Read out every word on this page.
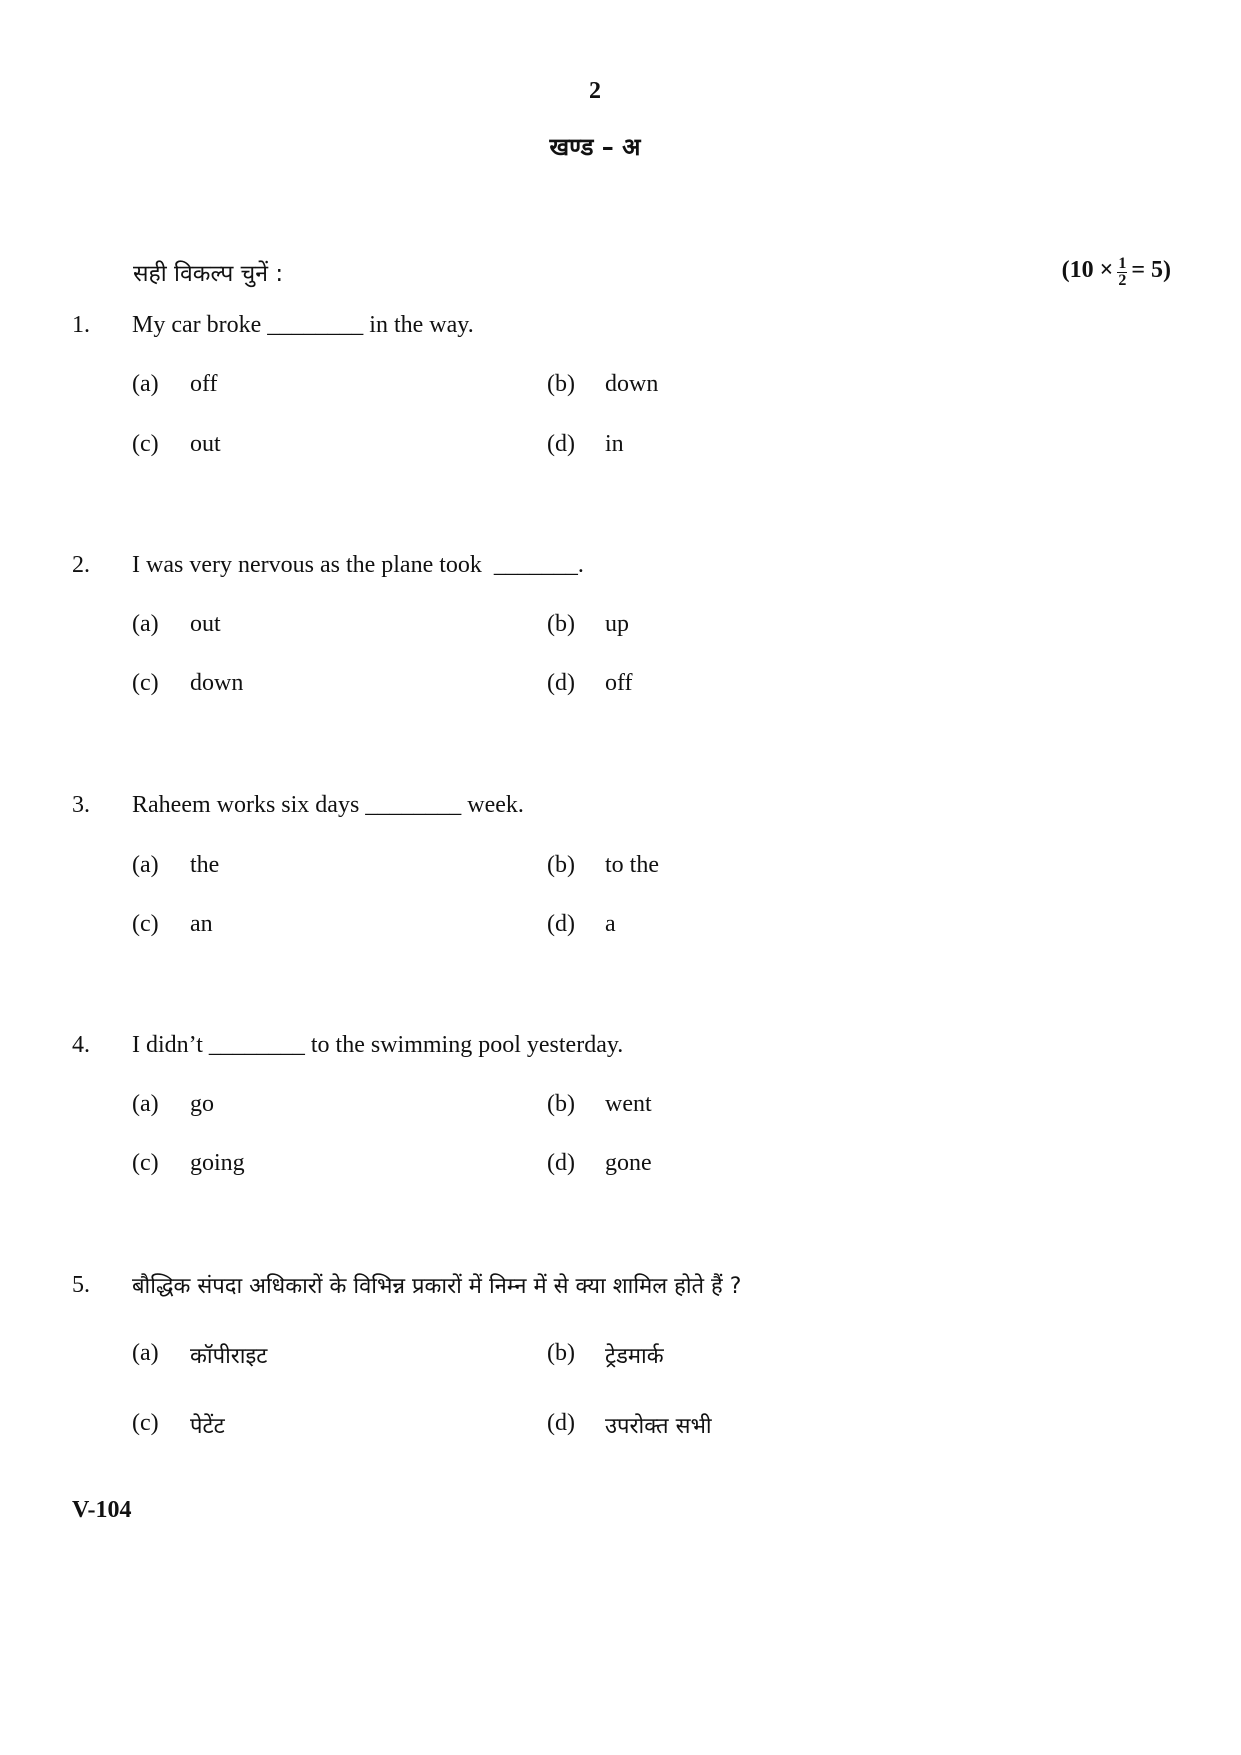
2
खण्ड – अ
सही विकल्प चुनें :	$(10 \times \frac{1}{2} = 5)$
1.	My car broke ________ in the way.
(a)	off	(b)	down
(c)	out	(d)	in
2.	I was very nervous as the plane took  _______.
(a)	out	(b)	up
(c)	down	(d)	off
3.	Raheem works six days ________ week.
(a)	the	(b)	to the
(c)	an	(d)	a
4.	I didn’t ________ to the swimming pool yesterday.
(a)	go	(b)	went
(c)	going	(d)	gone
5.	बौद्धिक संपदा अधिकारों के विभिन्न प्रकारों में निम्न में से क्या शामिल होते हैं ?
(a)	कॉपीराइट	(b)	ट्रेडमार्क
(c)	पेटेंट	(d)	उपरोक्त सभी
V-104
